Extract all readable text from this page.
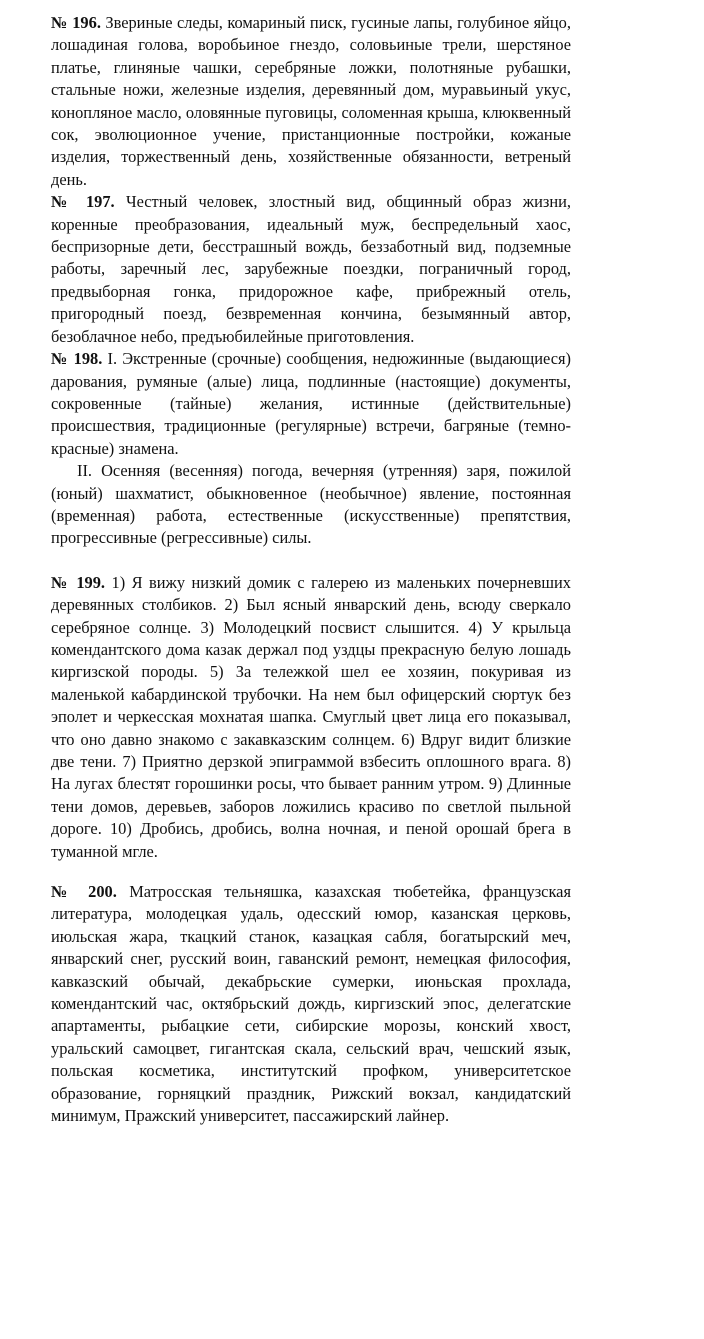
№ 196. Звериные следы, комариный писк, гусиные лапы, голубиное яйцо, лошадиная голова, воробьиное гнездо, соловьиные трели, шерстяное платье, глиняные чашки, серебряные ложки, полотняные рубашки, стальные ножи, железные изделия, деревянный дом, муравьиный укус, конопляное масло, оловянные пуговицы, соломенная крыша, клюквенный сок, эволюционное учение, пристанционные постройки, кожаные изделия, торжественный день, хозяйственные обязанности, ветреный день.

№ 197. Честный человек, злостный вид, общинный образ жизни, коренные преобразования, идеальный муж, беспредельный хаос, беспризорные дети, бесстрашный вождь, беззаботный вид, подземные работы, заречный лес, зарубежные поездки, пограничный город, предвыборная гонка, придорожное кафе, прибрежный отель, пригородный поезд, безвременная кончина, безымянный автор, безоблачное небо, предъюбилейные приготовления.

№ 198. I. Экстренные (срочные) сообщения, недюжинные (выдающиеся) дарования, румяные (алые) лица, подлинные (настоящие) документы, сокровенные (тайные) желания, истинные (действительные) происшествия, традиционные (регулярные) встречи, багряные (темно-красные) знамена.

II. Осенняя (весенняя) погода, вечерняя (утренняя) заря, пожилой (юный) шахматист, обыкновенное (необычное) явление, постоянная (временная) работа, естественные (искусственные) препятствия, прогрессивные (регрессивные) силы.

№ 199. 1) Я вижу низкий домик с галерею из маленьких почерневших деревянных столбиков. 2) Был ясный январский день, всюду сверкало серебряное солнце. 3) Молодецкий посвист слышится. 4) У крыльца комендантского дома казак держал под уздцы прекрасную белую лошадь киргизской породы. 5) За тележкой шел ее хозяин, покуривая из маленькой кабардинской трубочки. На нем был офицерский сюртук без эполет и черкесская мохнатая шапка. Смуглый цвет лица его показывал, что оно давно знакомо с закавказским солнцем. 6) Вдруг видит близкие две тени. 7) Приятно дерзкой эпиграммой взбесить оплошного врага. 8) На лугах блестят горошинки росы, что бывает ранним утром. 9) Длинные тени домов, деревьев, заборов ложились красиво по светлой пыльной дороге. 10) Дробись, дробись, волна ночная, и пеной орошай брега в туманной мгле.

№ 200. Матросская тельняшка, казахская тюбетейка, французская литература, молодецкая удаль, одесский юмор, казанская церковь, июльская жара, ткацкий станок, казацкая сабля, богатырский меч, январский снег, русский воин, гаванский ремонт, немецкая философия, кавказский обычай, декабрьские сумерки, июньская прохлада, комендантский час, октябрьский дождь, киргизский эпос, делегатские апартаменты, рыбацкие сети, сибирские морозы, конский хвост, уральский самоцвет, гигантская скала, сельский врач, чешский язык, польская косметика, институтский профком, университетское образование, горняцкий праздник, Рижский вокзал, кандидатский минимум, Пражский университет, пассажирский лайнер.
